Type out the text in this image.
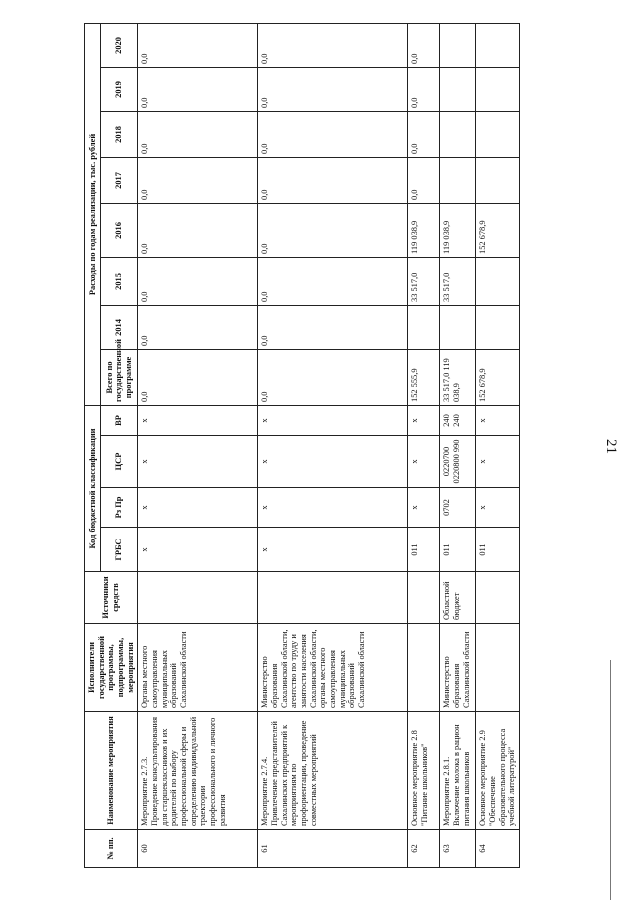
21
№ пп.	Наименование мероприятия	Исполнители государственной программы, подпрограммы, мероприятия	Источники средств	Код бюджетной классификации				Расходы по годам реализации, тыс. рублей							
				ГРБС	Рз Пр	ЦСР	ВР	Всего по государственной программе	2014	2015	2016	2017	2018	2019	2020
60	Мероприятие 2.7.3. Проведение консультирования для старшеклассников и их родителей по выбору профессиональной сферы и определению индивидуальной траектории профессионального и личного развития	Органы местного самоуправления муниципальных образований Сахалинской области		х	х	х	х	0,0	0,0	0,0	0,0	0,0	0,0	0,0	0,0
61	Мероприятие 2.7.4. Привлечение представителей Сахалинских предприятий к мероприятиям по профориентации, проведение совместных мероприятий	Министерство образования Сахалинской области, агентство по труду и занятости населения Сахалинской области, органы местного самоуправления муниципальных образований Сахалинской области		х	х	х	х	0,0	0,0	0,0	0,0	0,0	0,0	0,0	0,0
62	Основное мероприятие 2.8 "Питание школьников"			011	х	х	х	152 555,9		33 517,0	119 038,9	0,0	0,0	0,0	0,0
63	Мероприятие 2.8.1. Включение молока в рацион питания школьников	Министерство образования Сахалинской области	Областной бюджет	011	0702	0220700 0220800 990	240 240	33 517,0 119 038,9		33 517,0	119 038,9				
64	Основное мероприятие 2.9 "Обеспечение образовательного процесса учебной литературой"			011	х	х	х	152 678,9			152 678,9				
